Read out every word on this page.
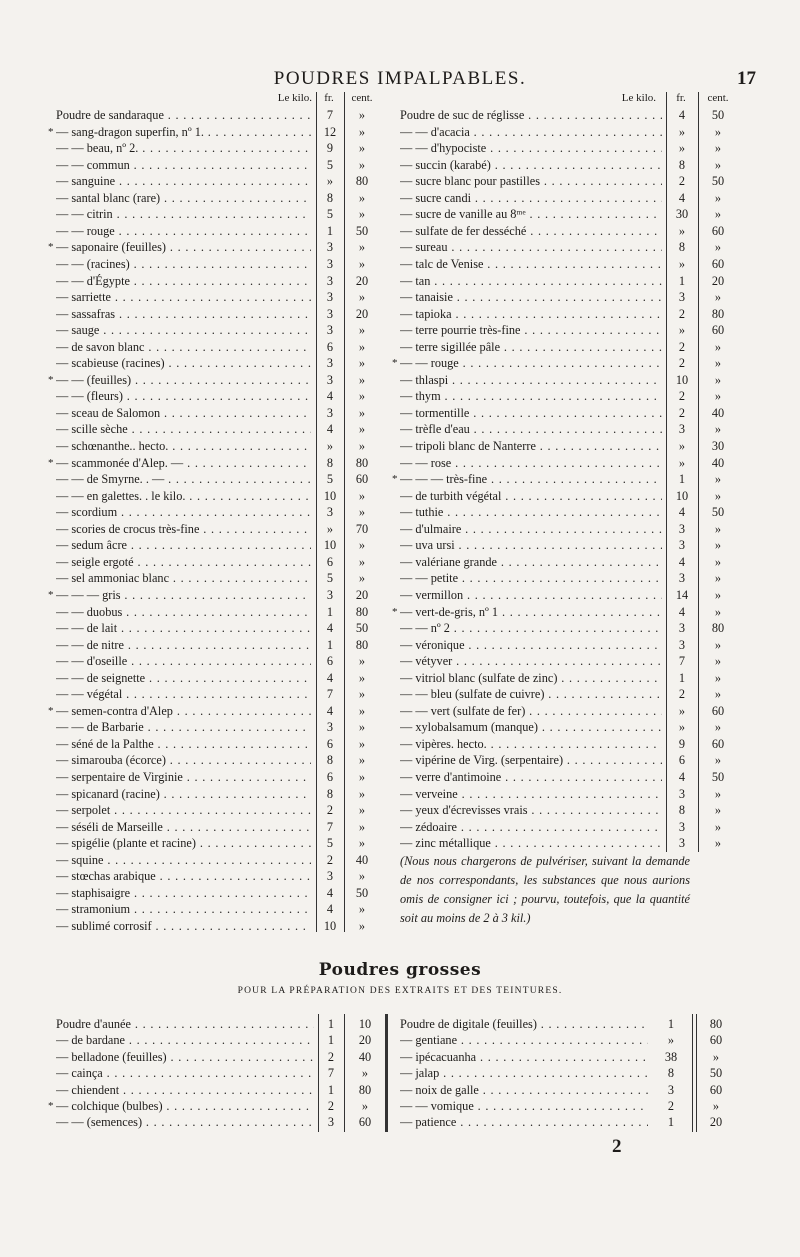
POUDRES IMPALPABLES.	17
Le kilo.	fr.	cent.
Poudre de sandaraque . . .	7	»
* — sang-dragon superfin, nº 1. . . .	12	»
— — beau, nº 2. . . .	9	»
— — commun . . .	5	»
— sanguine . . .	»	80
— santal blanc (rare) . . .	8	»
— — citrin . . .	5	»
— — rouge . . .	1	50
* — saponaire (feuilles) . . .	3	»
— — (racines) . . .	3	»
— — d'Égypte . . .	3	20
— sarriette . . .	3	»
— sassafras . . .	3	20
— sauge . . .	3	»
— de savon blanc . . .	6	»
— scabieuse (racines) . . .	3	»
* — — (feuilles) . . .	3	»
— — (fleurs) . . .	4	»
— sceau de Salomon . . .	3	»
— scille sèche . . .	4	»
— schœnanthe.. hecto. . . .	»	»
* — scammonée d'Alep. — . . .	8	80
— — de Smyrne. . — . . .	5	60
— — en galettes. . le kilo. . . .	10	»
— scordium . . .	3	»
— scories de crocus très-fine . . .	»	70
— sedum âcre . . .	10	»
— seigle ergoté . . .	6	»
— sel ammoniac blanc . . .	5	»
* — — — gris . . .	3	20
— — duobus . . .	1	80
— — de lait . . .	4	50
— — de nitre . . .	1	80
— — d'oseille . . .	6	»
— — de seignette . . .	4	»
— — végétal . . .	7	»
* — semen-contra d'Alep . . .	4	»
— — de Barbarie . . .	3	»
— séné de la Palthe . . .	6	»
— simarouba (écorce) . . .	8	»
— serpentaire de Virginie . . .	6	»
— spicanard (racine) . . .	8	»
— serpolet . . .	2	»
— séséli de Marseille . . .	7	»
— spigélie (plante et racine) . . .	5	»
— squine . . .	2	40
— stœchas arabique . . .	3	»
— staphisaigre . . .	4	50
— stramonium . . .	4	»
— sublimé corrosif . . .	10	»
Le kilo.	fr.	cent.
Poudre de suc de réglisse . . .	4	50
— — d'acacia . . .	»	»
— — d'hypociste . . .	»	»
— succin (karabé) . . .	8	»
— sucre blanc pour pastilles . . .	2	50
— sucre candi . . .	4	»
— sucre de vanille au 8ᵐᵉ . . .	30	»
— sulfate de fer desséché . . .	»	60
— sureau . . .	8	»
— talc de Venise . . .	»	60
— tan . . .	1	20
— tanaisie . . .	3	»
— tapioka . . .	2	80
— terre pourrie très-fine . . .	»	60
— terre sigillée pâle . . .	2	»
* — — rouge . . .	2	»
— thlaspi . . .	10	»
— thym . . .	2	»
— tormentille . . .	2	40
— trèfle d'eau . . .	3	»
— tripoli blanc de Nanterre . . .	»	30
— — rose . . .	»	40
* — — — très-fine . . .	1	»
— de turbith végétal . . .	10	»
— tuthie . . .	4	50
— d'ulmaire . . .	3	»
— uva ursi . . .	3	»
— valériane grande . . .	4	»
— — petite . . .	3	»
— vermillon . . .	14	»
* — vert-de-gris, nº 1 . . .	4	»
— — nº 2 . . .	3	80
— véronique . . .	3	»
— vétyver . . .	7	»
— vitriol blanc (sulfate de zinc) . . .	1	»
— — bleu (sulfate de cuivre) . . .	2	»
— — vert (sulfate de fer) . . .	»	60
— xylobalsamum (manque) . . .	»	»
— vipères. hecto. . . .	9	60
— vipérine de Virg. (serpentaire) . . .	6	»
— verre d'antimoine . . .	4	50
— verveine . . .	3	»
— yeux d'écrevisses vrais . . .	8	»
— zédoaire . . .	3	»
— zinc métallique . . .	3	»
(Nous nous chargerons de pulvériser, suivant la demande de nos correspondants, les substances que nous aurions omis de consigner ici ; pourvu, toutefois, que la quantité soit au moins de 2 à 3 kil.)
Poudres grosses
POUR LA PRÉPARATION DES EXTRAITS ET DES TEINTURES.
Poudre d'aunée . . .	1	10
— de bardane . . .	1	20
— belladone (feuilles) . . .	2	40
— cainça . . .	7	»
— chiendent . . .	1	80
* — colchique (bulbes) . . .	2	»
— — (semences) . . .	3	60
Poudre de digitale (feuilles) . . .	1	80
— gentiane . . .	»	60
— ipécacuanha . . .	38	»
— jalap . . .	8	50
— noix de galle . . .	3	60
— — vomique . . .	2	»
— patience . . .	1	20
2
